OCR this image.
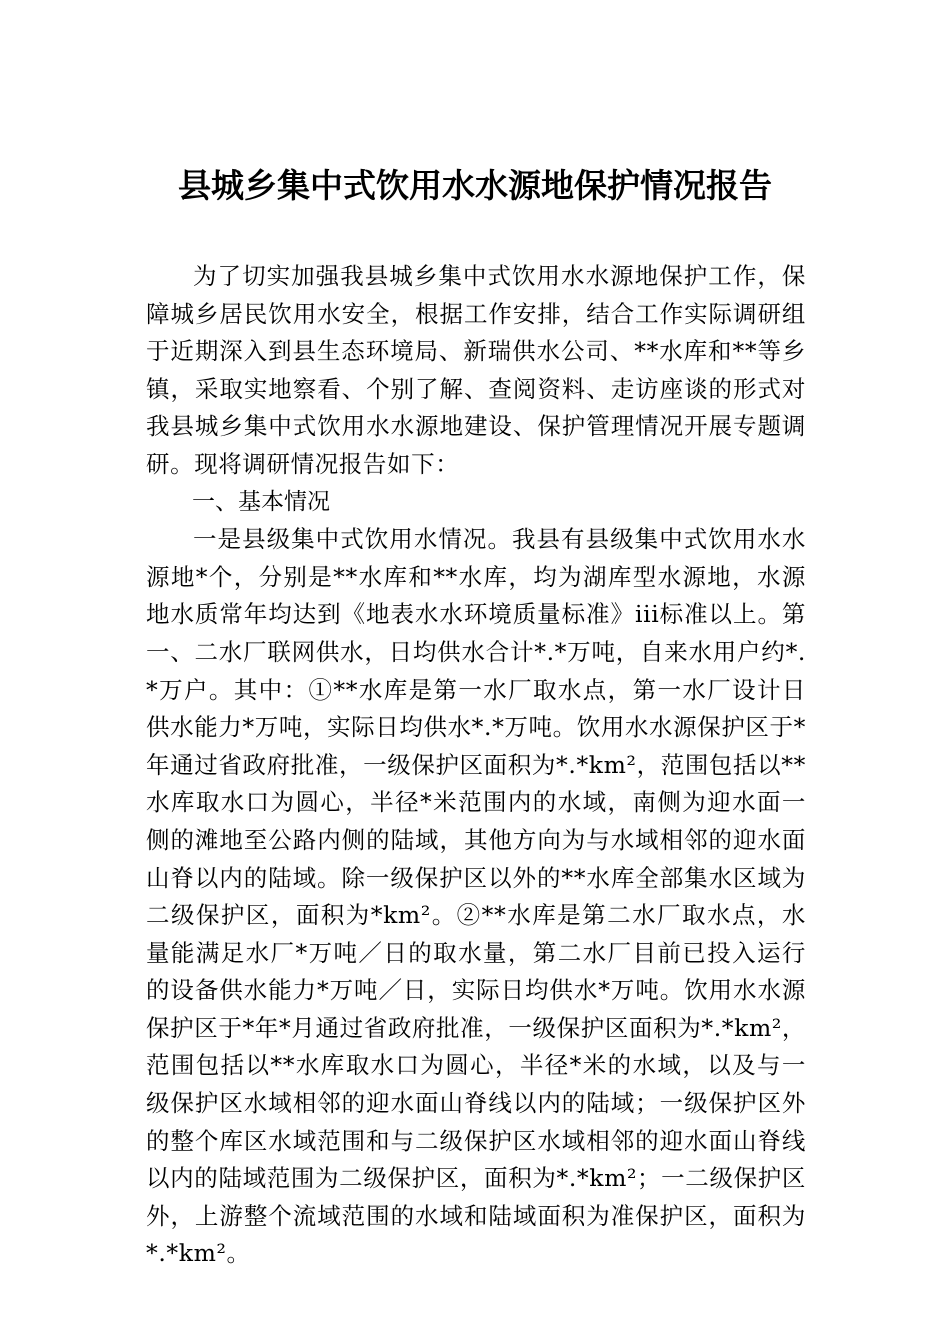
县城乡集中式饮用水水源地保护情况报告

为了切实加强我县城乡集中式饮用水水源地保护工作，保障城乡居民饮用水安全，根据工作安排，结合工作实际调研组于近期深入到县生态环境局、新瑞供水公司、**水库和**等乡镇，采取实地察看、个别了解、查阅资料、走访座谈的形式对我县城乡集中式饮用水水源地建设、保护管理情况开展专题调研。现将调研情况报告如下：

一、基本情况

一是县级集中式饮用水情况。我县有县级集中式饮用水水源地*个，分别是**水库和**水库，均为湖库型水源地，水源地水质常年均达到《地表水水环境质量标准》iii标准以上。第一、二水厂联网供水，日均供水合计*.*万吨，自来水用户约*.*万户。其中：①**水库是第一水厂取水点，第一水厂设计日供水能力*万吨，实际日均供水*.*万吨。饮用水水源保护区于*年通过省政府批准，一级保护区面积为*.*km²，范围包括以**水库取水口为圆心，半径*米范围内的水域，南侧为迎水面一侧的滩地至公路内侧的陆域，其他方向为与水域相邻的迎水面山脊以内的陆域。除一级保护区以外的**水库全部集水区域为二级保护区，面积为*km²。②**水库是第二水厂取水点，水量能满足水厂*万吨／日的取水量，第二水厂目前已投入运行的设备供水能力*万吨／日，实际日均供水*万吨。饮用水水源保护区于*年*月通过省政府批准，一级保护区面积为*.*km²，范围包括以**水库取水口为圆心，半径*米的水域，以及与一级保护区水域相邻的迎水面山脊线以内的陆域；一级保护区外的整个库区水域范围和与二级保护区水域相邻的迎水面山脊线以内的陆域范围为二级保护区，面积为*.*km²；一二级保护区外，上游整个流域范围的水域和陆域面积为准保护区，面积为*.*km²。
